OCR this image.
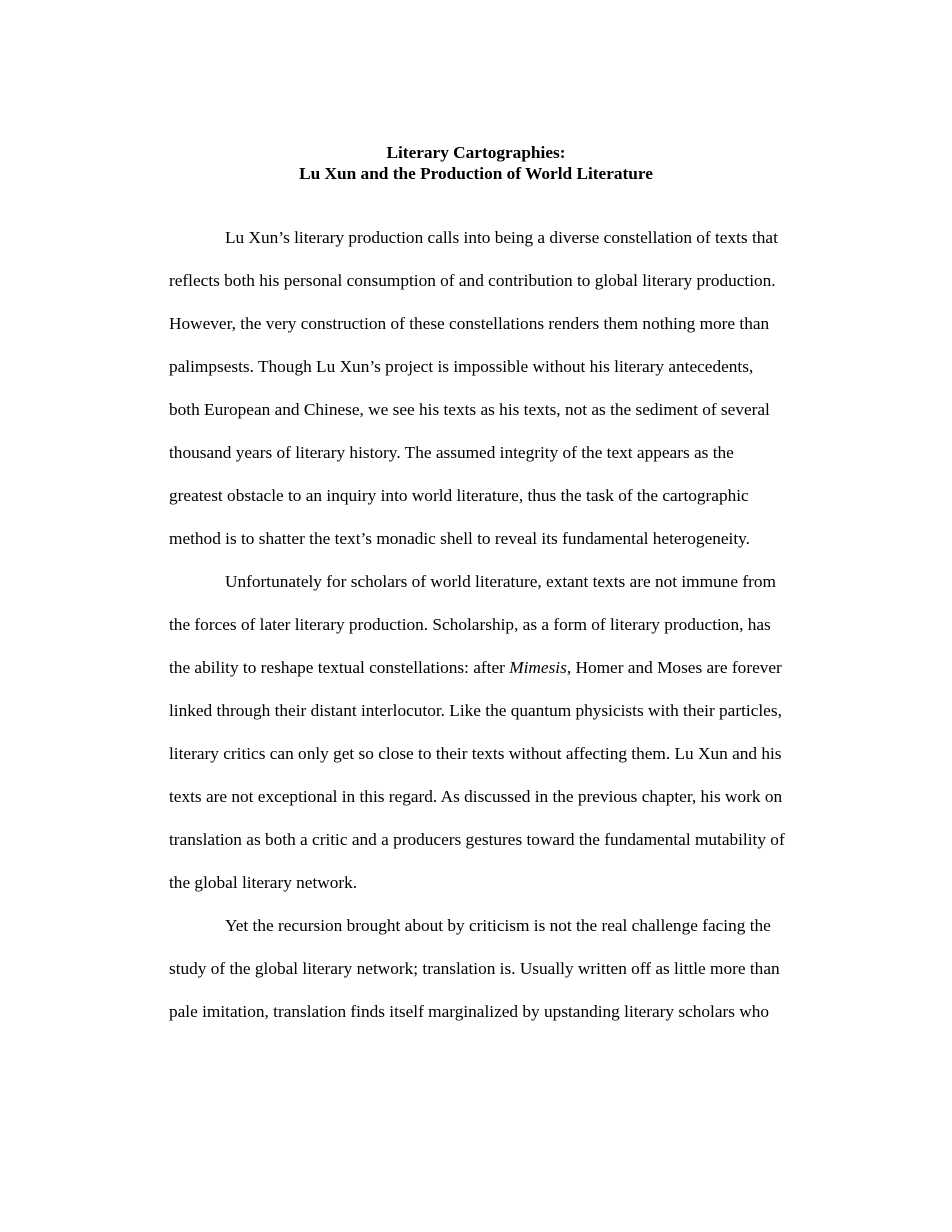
Literary Cartographies:
Lu Xun and the Production of World Literature
Lu Xun’s literary production calls into being a diverse constellation of texts that
reflects both his personal consumption of and contribution to global literary production.
However, the very construction of these constellations renders them nothing more than
palimpsests. Though Lu Xun’s project is impossible without his literary antecedents,
both European and Chinese, we see his texts as his texts, not as the sediment of several
thousand years of literary history. The assumed integrity of the text appears as the
greatest obstacle to an inquiry into world literature, thus the task of the cartographic
method is to shatter the text’s monadic shell to reveal its fundamental heterogeneity.
Unfortunately for scholars of world literature, extant texts are not immune from
the forces of later literary production. Scholarship, as a form of literary production, has
the ability to reshape textual constellations: after Mimesis, Homer and Moses are forever
linked through their distant interlocutor. Like the quantum physicists with their particles,
literary critics can only get so close to their texts without affecting them. Lu Xun and his
texts are not exceptional in this regard. As discussed in the previous chapter, his work on
translation as both a critic and a producers gestures toward the fundamental mutability of
the global literary network.
Yet the recursion brought about by criticism is not the real challenge facing the
study of the global literary network; translation is. Usually written off as little more than
pale imitation, translation finds itself marginalized by upstanding literary scholars who
